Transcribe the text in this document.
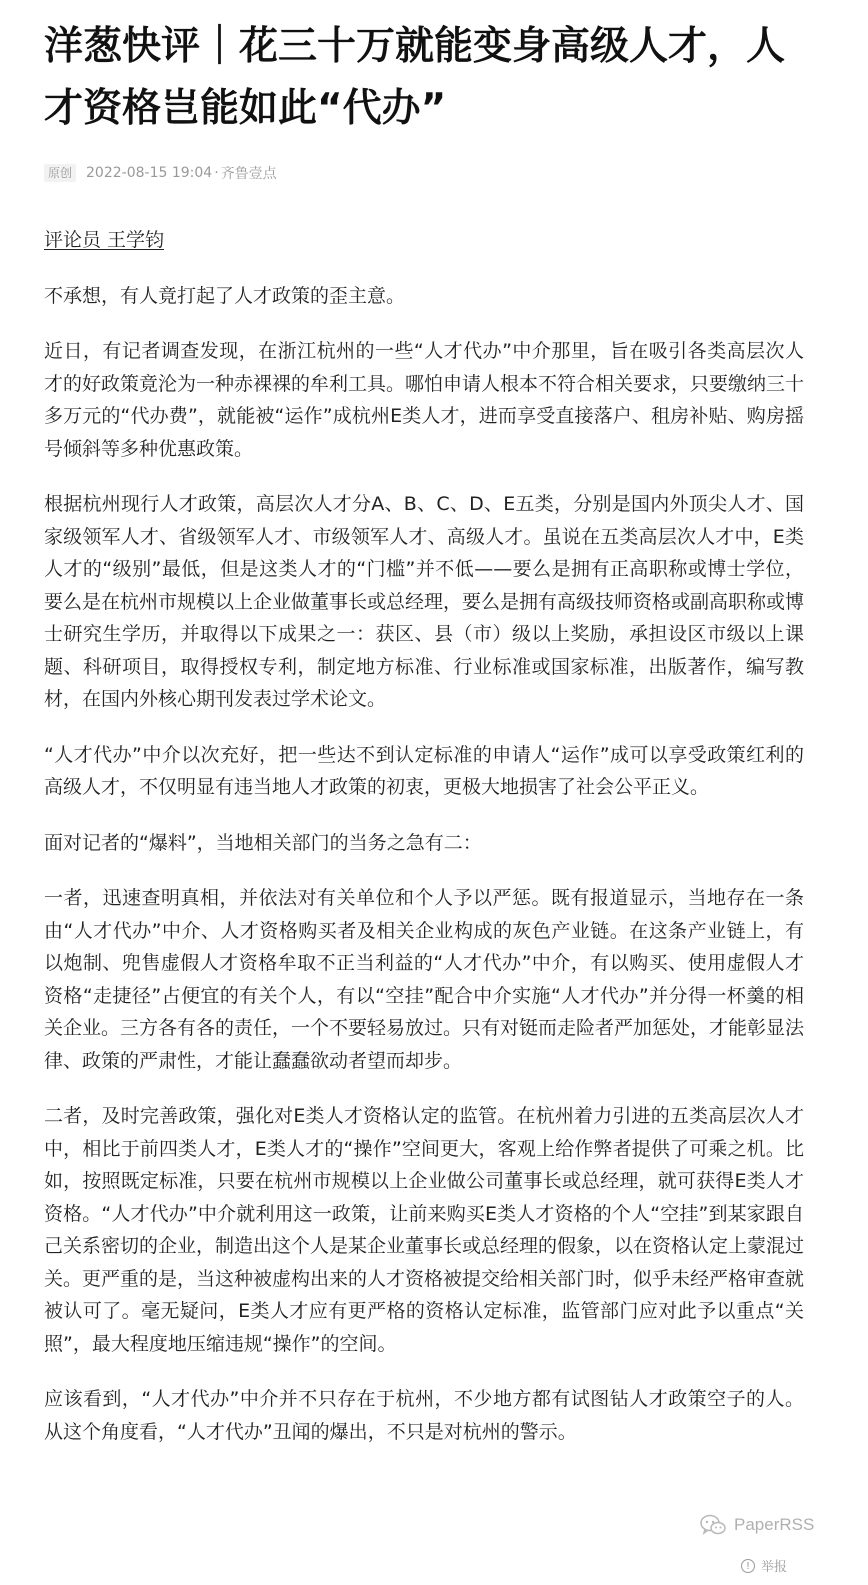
洋葱快评｜花三十万就能变身高级人才，人才资格岂能如此“代办”
原创 2022-08-15 19:04 · 齐鲁壹点

评论员 王学钧

不承想，有人竟打起了人才政策的歪主意。

近日，有记者调查发现，在浙江杭州的一些“人才代办”中介那里，旨在吸引各类高层次人才的好政策竟沦为一种赤裸裸的牟利工具。哪怕申请人根本不符合相关要求，只要缴纳三十多万元的“代办费”，就能被“运作”成杭州E类人才，进而享受直接落户、租房补贴、购房摇号倾斜等多种优惠政策。

根据杭州现行人才政策，高层次人才分A、B、C、D、E五类，分别是国内外顶尖人才、国家级领军人才、省级领军人才、市级领军人才、高级人才。虽说在五类高层次人才中，E类人才的“级别”最低，但是这类人才的“门槛”并不低——要么是拥有正高职称或博士学位，要么是在杭州市规模以上企业做董事长或总经理，要么是拥有高级技师资格或副高职称或博士研究生学历，并取得以下成果之一：获区、县（市）级以上奖励，承担设区市级以上课题、科研项目，取得授权专利，制定地方标准、行业标准或国家标准，出版著作，编写教材，在国内外核心期刊发表过学术论文。

“人才代办”中介以次充好，把一些达不到认定标准的申请人“运作”成可以享受政策红利的高级人才，不仅明显有违当地人才政策的初衷，更极大地损害了社会公平正义。

面对记者的“爆料”，当地相关部门的当务之急有二：

一者，迅速查明真相，并依法对有关单位和个人予以严惩。既有报道显示，当地存在一条由“人才代办”中介、人才资格购买者及相关企业构成的灰色产业链。在这条产业链上，有以炮制、兜售虚假人才资格牟取不正当利益的“人才代办”中介，有以购买、使用虚假人才资格“走捷径”占便宜的有关个人，有以“空挂”配合中介实施“人才代办”并分得一杯羹的相关企业。三方各有各的责任，一个不要轻易放过。只有对铤而走险者严加惩处，才能彰显法律、政策的严肃性，才能让蠢蠢欲动者望而却步。

二者，及时完善政策，强化对E类人才资格认定的监管。在杭州着力引进的五类高层次人才中，相比于前四类人才，E类人才的“操作”空间更大，客观上给作弊者提供了可乘之机。比如，按照既定标准，只要在杭州市规模以上企业做公司董事长或总经理，就可获得E类人才资格。“人才代办”中介就利用这一政策，让前来购买E类人才资格的个人“空挂”到某家跟自己关系密切的企业，制造出这个人是某企业董事长或总经理的假象，以在资格认定上蒙混过关。更严重的是，当这种被虚构出来的人才资格被提交给相关部门时，似乎未经严格审查就被认可了。毫无疑问，E类人才应有更严格的资格认定标准，监管部门应对此予以重点“关照”，最大程度地压缩违规“操作”的空间。

应该看到，“人才代办”中介并不只存在于杭州，不少地方都有试图钻人才政策空子的人。从这个角度看，“人才代办”丑闻的爆出，不只是对杭州的警示。

PaperRSS
! 举报
